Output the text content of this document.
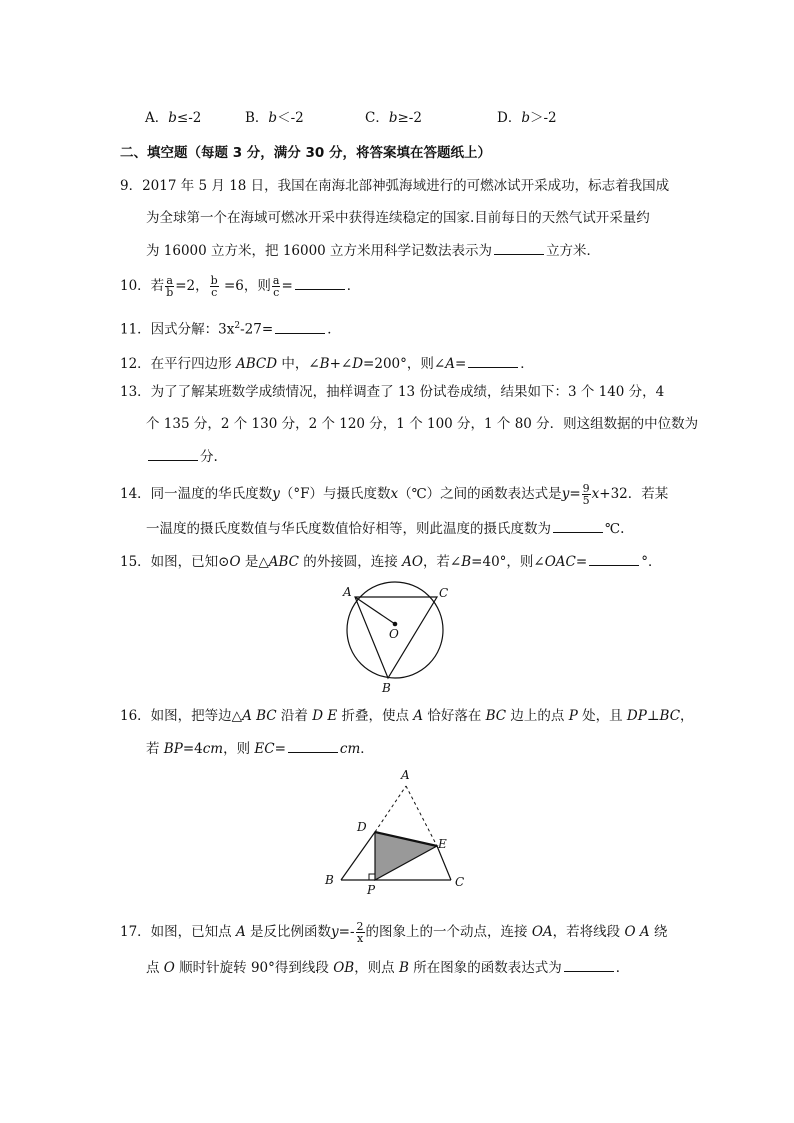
A．b≤-2	B．b＜-2	C．b≥-2	D．b＞-2
二、填空题（每题 3 分，满分 30 分，将答案填在答题纸上）
9．2017 年 5 月 18 日，我国在南海北部神弧海域进行的可燃冰试开采成功，标志着我国成
为全球第一个在海域可燃冰开采中获得连续稳定的国家.目前每日的天然气试开采量约
为 16000 立方米，把 16000 立方米用科学记数法表示为	立方米．
10．若 $\frac{a}{b} =2$， $\frac{b}{c} =6$，则 $\frac{a}{c}$ =	．
11．因式分解：$3x^2-27=$	．
12．在平行四边形 ABCD 中，∠B+∠D=200°，则∠A=	．
13．为了了解某班数学成绩情况，抽样调查了 13 份试卷成绩，结果如下：3 个 140 分，4
个 135 分，2 个 130 分，2 个 120 分，1 个 100 分，1 个 80 分．则这组数据的中位数为
分.
14．同一温度的华氏度数y（°F）与摄氏度数x（℃）之间的函数表达式是$y= \frac{9}{5} x+32$．若某
一温度的摄氏度数值与华氏度数值恰好相等，则此温度的摄氏度数为	℃.
15．如图，已知⊙O 是△ABC 的外接圆，连接 AO，若∠B=40°，则∠OAC=	°．
A	C
O
B
16．如图，把等边△A BC 沿着 D E 折叠，使点 A 恰好落在 BC 边上的点 P 处，且 DP⊥BC，
若 BP=4cm，则 EC=	cm．
A
D
E
B
P
C
17．如图，已知点 A 是反比例函数$y=- \frac{2}{x}$ 的图象上的一个动点，连接 OA，若将线段 O A 绕
点 O 顺时针旋转 90°得到线段 OB，则点 B 所在图象的函数表达式为	．
